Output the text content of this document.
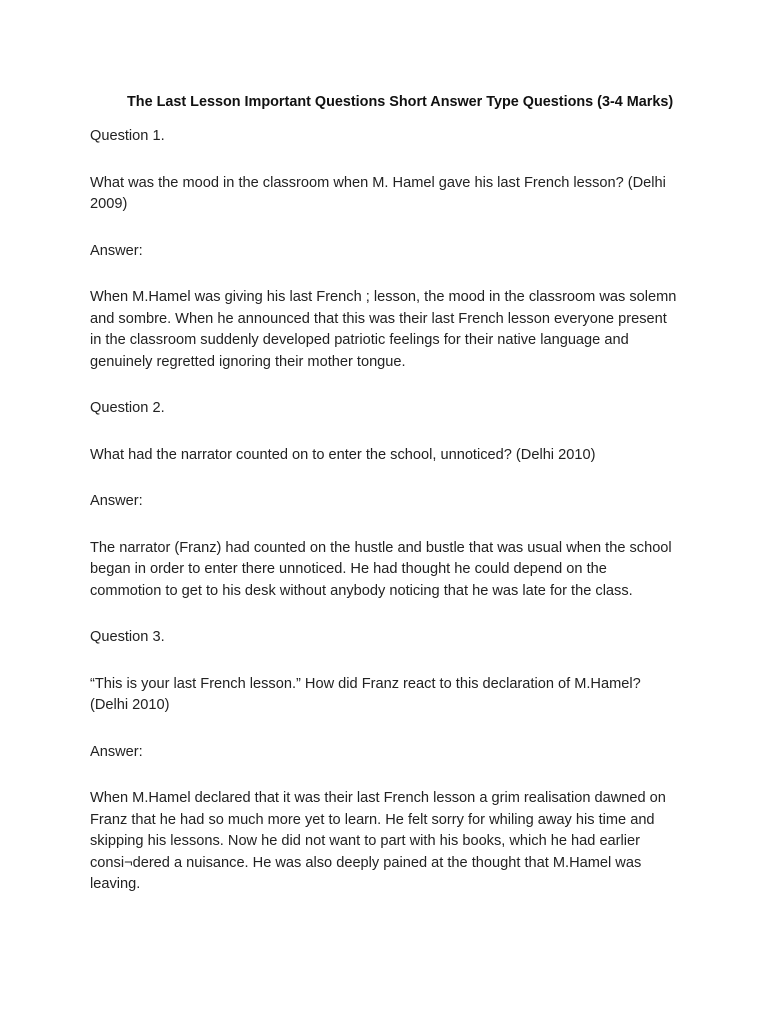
The Last Lesson Important Questions Short Answer Type Questions (3-4 Marks)

Question 1.

What was the mood in the classroom when M. Hamel gave his last French lesson? (Delhi 2009)

Answer:

When M.Hamel was giving his last French ; lesson, the mood in the classroom was solemn and sombre. When he announced that this was their last French lesson everyone present in the classroom suddenly developed patriotic feelings for their native language and genuinely regretted ignoring their mother tongue.

Question 2.

What had the narrator counted on to enter the school, unnoticed? (Delhi 2010)

Answer:

The narrator (Franz) had counted on the hustle and bustle that was usual when the school began in order to enter there unnoticed. He had thought he could depend on the commotion to get to his desk without anybody noticing that he was late for the class.

Question 3.

“This is your last French lesson.” How did Franz react to this declaration of M.Hamel? (Delhi 2010)

Answer:

When M.Hamel declared that it was their last French lesson a grim realisation dawned on Franz that he had so much more yet to learn. He felt sorry for whiling away his time and skipping his lessons. Now he did not want to part with his books, which he had earlier consi¬dered a nuisance. He was also deeply pained at the thought that M.Hamel was leaving.
